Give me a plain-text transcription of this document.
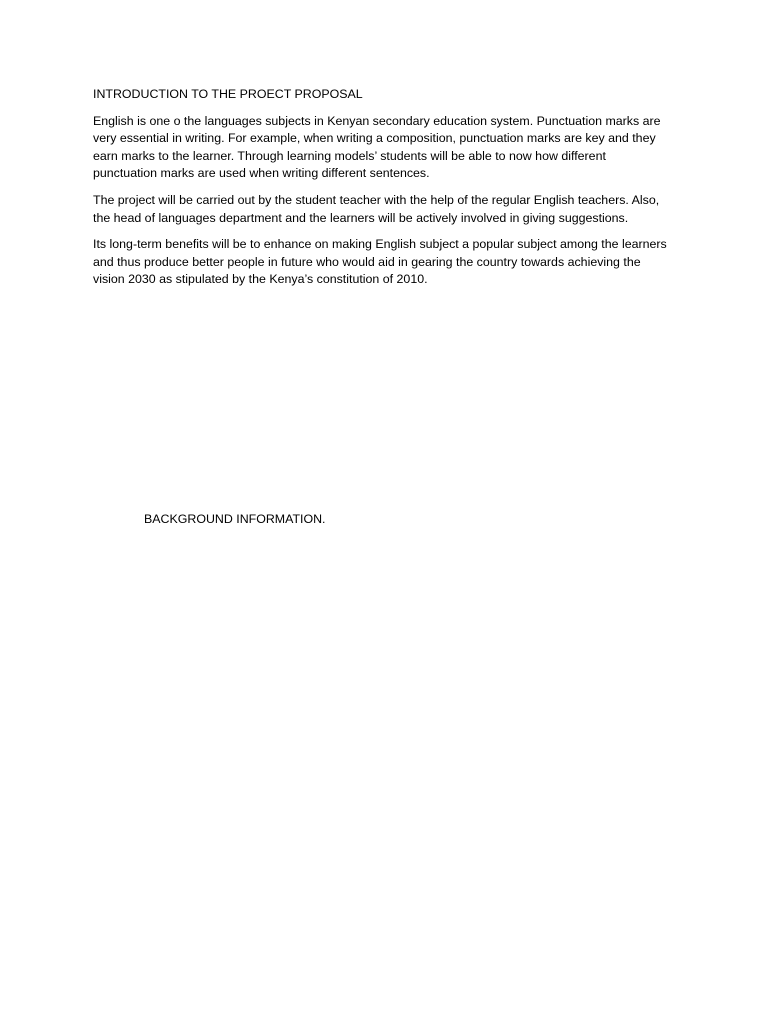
INTRODUCTION TO THE PROECT PROPOSAL
English is one o the languages subjects in Kenyan secondary education system. Punctuation marks are very essential in writing. For example, when writing a composition, punctuation marks are key and they earn marks to the learner. Through learning models’ students will be able to now how different punctuation marks are used when writing different sentences.
The project will be carried out by the student teacher with the help of the regular English teachers. Also, the head of languages department and the learners will be actively involved in giving suggestions.
Its long-term benefits will be to enhance on making English subject a popular subject among the learners and thus produce better people in future who would aid in gearing the country towards achieving the vision 2030 as stipulated by the Kenya’s constitution of 2010.
BACKGROUND INFORMATION.
